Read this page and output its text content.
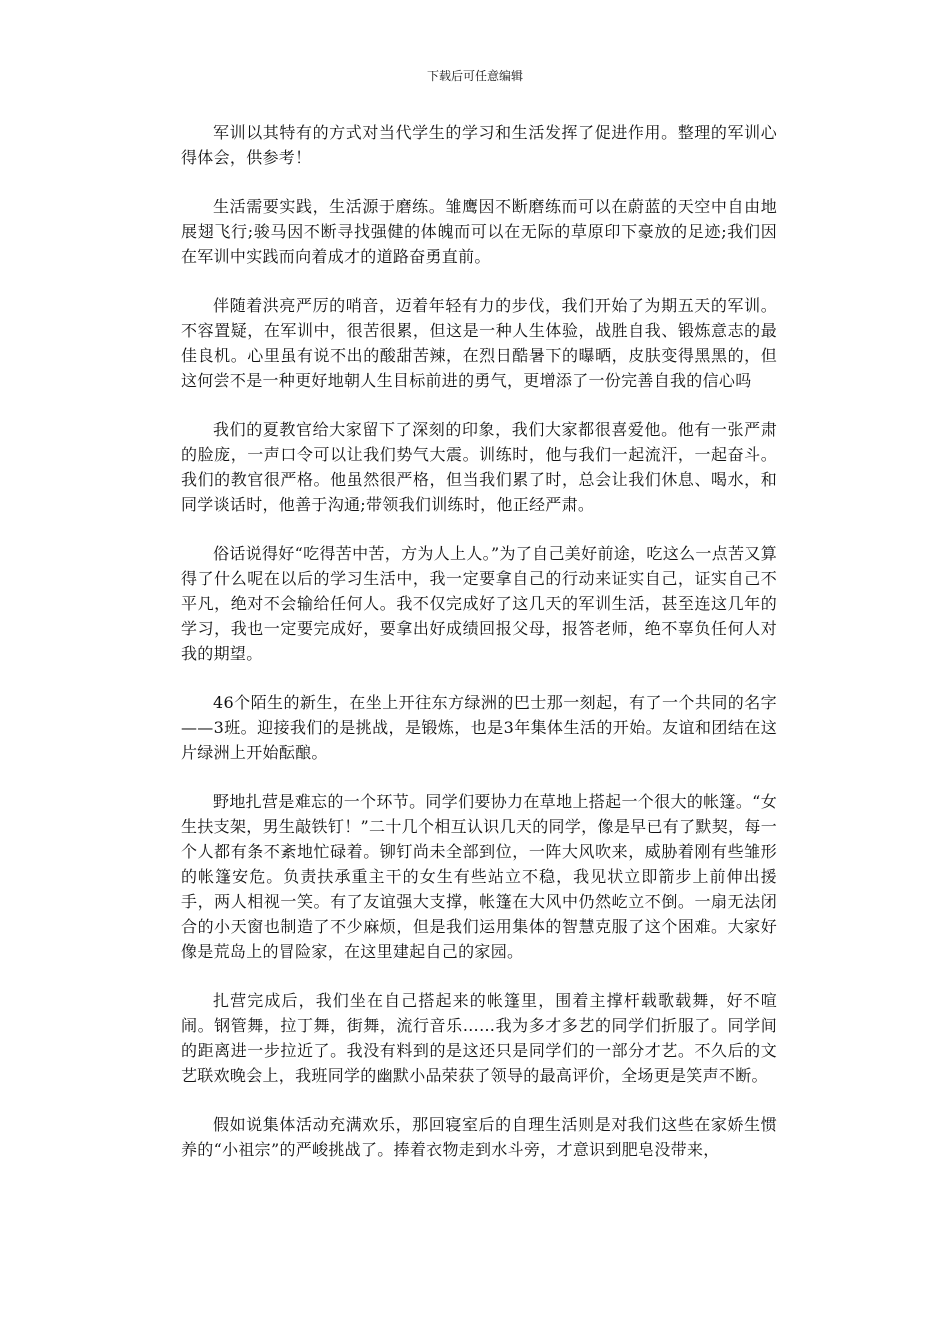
下载后可任意编辑

军训以其特有的方式对当代学生的学习和生活发挥了促进作用。整理的军训心得体会，供参考！

生活需要实践，生活源于磨练。雏鹰因不断磨练而可以在蔚蓝的天空中自由地展翅飞行;骏马因不断寻找强健的体魄而可以在无际的草原印下豪放的足迹;我们因在军训中实践而向着成才的道路奋勇直前。

伴随着洪亮严厉的哨音，迈着年轻有力的步伐，我们开始了为期五天的军训。不容置疑，在军训中，很苦很累，但这是一种人生体验，战胜自我、锻炼意志的最佳良机。心里虽有说不出的酸甜苦辣，在烈日酷暑下的曝晒，皮肤变得黑黑的，但这何尝不是一种更好地朝人生目标前进的勇气，更增添了一份完善自我的信心吗

我们的夏教官给大家留下了深刻的印象，我们大家都很喜爱他。他有一张严肃的脸庞，一声口令可以让我们势气大震。训练时，他与我们一起流汗，一起奋斗。我们的教官很严格。他虽然很严格，但当我们累了时，总会让我们休息、喝水，和同学谈话时，他善于沟通;带领我们训练时，他正经严肃。

俗话说得好“吃得苦中苦，方为人上人。”为了自己美好前途，吃这么一点苦又算得了什么呢在以后的学习生活中，我一定要拿自己的行动来证实自己，证实自己不平凡，绝对不会输给任何人。我不仅完成好了这几天的军训生活，甚至连这几年的学习，我也一定要完成好，要拿出好成绩回报父母，报答老师，绝不辜负任何人对我的期望。

46个陌生的新生，在坐上开往东方绿洲的巴士那一刻起，有了一个共同的名字——3班。迎接我们的是挑战，是锻炼，也是3年集体生活的开始。友谊和团结在这片绿洲上开始酝酿。

野地扎营是难忘的一个环节。同学们要协力在草地上搭起一个很大的帐篷。“女生扶支架，男生敲铁钉！”二十几个相互认识几天的同学，像是早已有了默契，每一个人都有条不紊地忙碌着。铆钉尚未全部到位，一阵大风吹来，威胁着刚有些雏形的帐篷安危。负责扶承重主干的女生有些站立不稳，我见状立即箭步上前伸出援手，两人相视一笑。有了友谊强大支撑，帐篷在大风中仍然屹立不倒。一扇无法闭合的小天窗也制造了不少麻烦，但是我们运用集体的智慧克服了这个困难。大家好像是荒岛上的冒险家，在这里建起自己的家园。

扎营完成后，我们坐在自己搭起来的帐篷里，围着主撑杆载歌载舞，好不喧闹。钢管舞，拉丁舞，街舞，流行音乐……我为多才多艺的同学们折服了。同学间的距离进一步拉近了。我没有料到的是这还只是同学们的一部分才艺。不久后的文艺联欢晚会上，我班同学的幽默小品荣获了领导的最高评价，全场更是笑声不断。

假如说集体活动充满欢乐，那回寝室后的自理生活则是对我们这些在家娇生惯养的“小祖宗”的严峻挑战了。捧着衣物走到水斗旁，才意识到肥皂没带来，
